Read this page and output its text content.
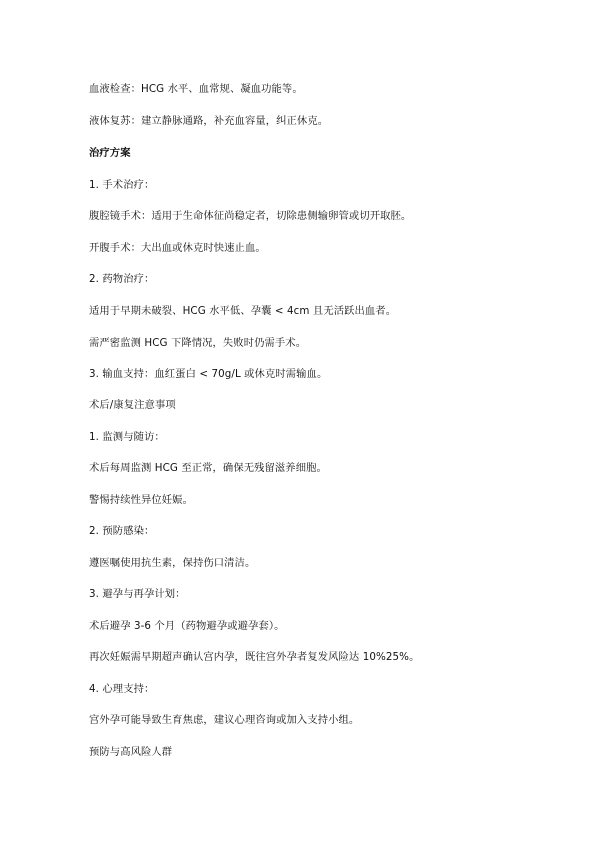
血液检查：HCG 水平、血常规、凝血功能等。
液体复苏：建立静脉通路，补充血容量，纠正休克。
治疗方案
1. 手术治疗：
腹腔镜手术：适用于生命体征尚稳定者，切除患侧输卵管或切开取胚。
开腹手术：大出血或休克时快速止血。
2. 药物治疗：
适用于早期未破裂、HCG 水平低、孕囊 < 4cm 且无活跃出血者。
需严密监测 HCG 下降情况，失败时仍需手术。
3. 输血支持：血红蛋白 < 70g/L 或休克时需输血。
术后/康复注意事项
1. 监测与随访：
术后每周监测 HCG 至正常，确保无残留滋养细胞。
警惕持续性异位妊娠。
2. 预防感染：
遵医嘱使用抗生素，保持伤口清洁。
3. 避孕与再孕计划：
术后避孕 3-6 个月（药物避孕或避孕套）。
再次妊娠需早期超声确认宫内孕，既往宫外孕者复发风险达 10%25%。
4. 心理支持：
宫外孕可能导致生育焦虑，建议心理咨询或加入支持小组。
预防与高风险人群
